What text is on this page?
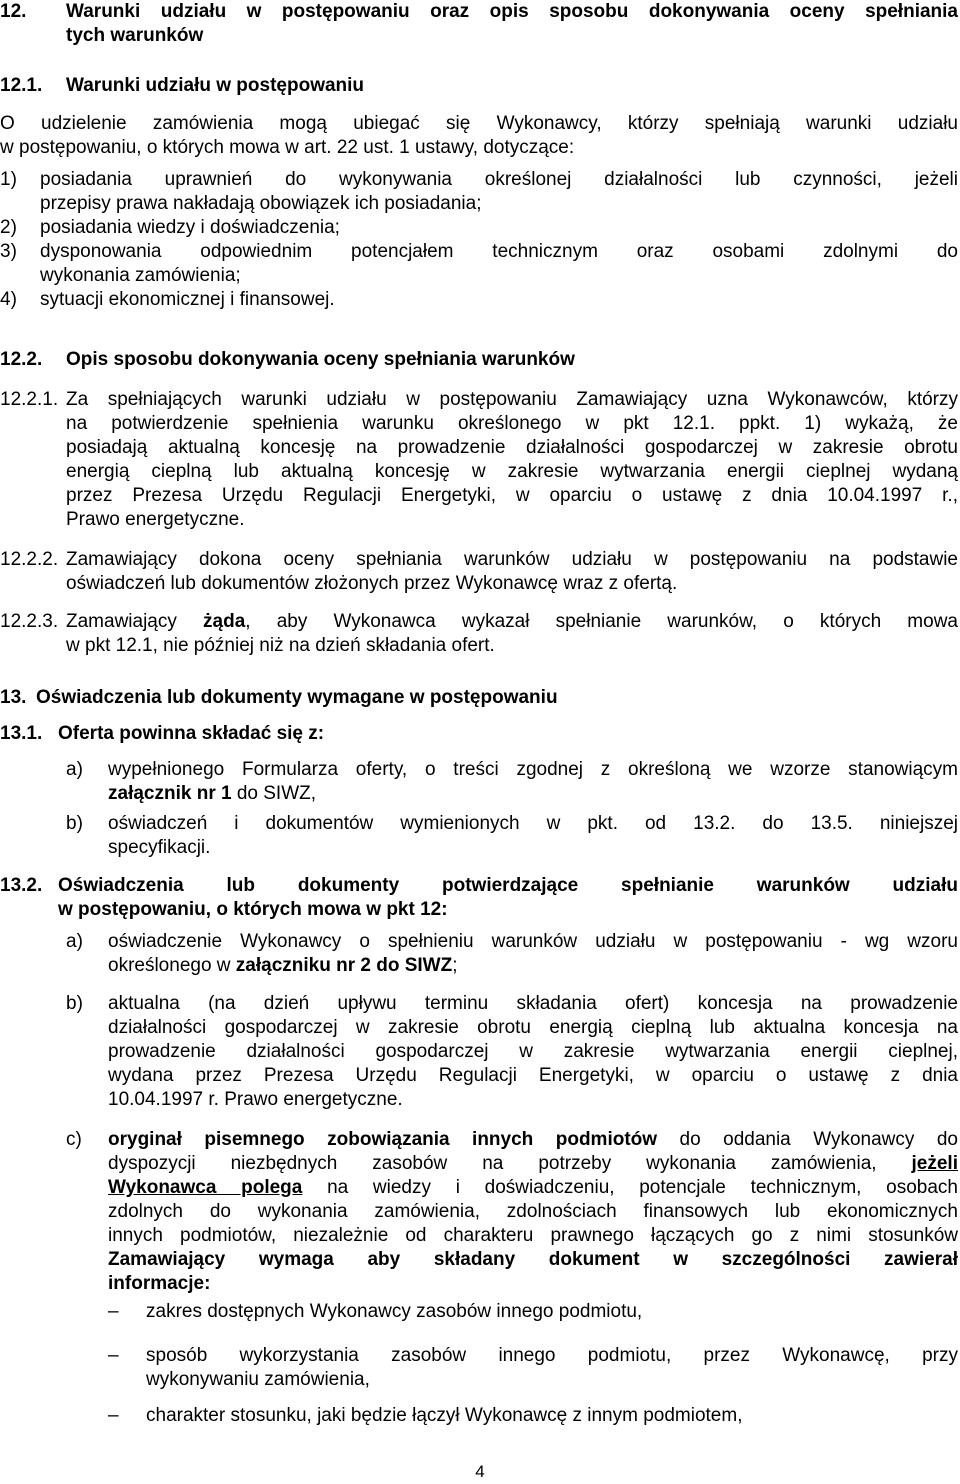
12. Warunki udziału w postępowaniu oraz opis sposobu dokonywania oceny spełniania
tych warunków
12.1. Warunki udziału w postępowaniu
O udzielenie zamówienia mogą ubiegać się Wykonawcy, którzy spełniają warunki udziału
w postępowaniu, o których mowa w art. 22 ust. 1 ustawy, dotyczące:
1) posiadania uprawnień do wykonywania określonej działalności lub czynności, jeżeli
przepisy prawa nakładają obowiązek ich posiadania;
2) posiadania wiedzy i doświadczenia;
3) dysponowania odpowiednim potencjałem technicznym oraz osobami zdolnymi do
wykonania zamówienia;
4) sytuacji ekonomicznej i finansowej.
12.2. Opis sposobu dokonywania oceny spełniania warunków
12.2.1. Za spełniających warunki udziału w postępowaniu Zamawiający uzna Wykonawców, którzy
na potwierdzenie spełnienia warunku określonego w pkt 12.1. ppkt. 1) wykażą, że
posiadają aktualną koncesję na prowadzenie działalności gospodarczej w zakresie obrotu
energią cieplną lub aktualną koncesję w zakresie wytwarzania energii cieplnej wydaną
przez Prezesa Urzędu Regulacji Energetyki, w oparciu o ustawę z dnia 10.04.1997 r.,
Prawo energetyczne.
12.2.2. Zamawiający dokona oceny spełniania warunków udziału w postępowaniu na podstawie
oświadczeń lub dokumentów złożonych przez Wykonawcę wraz z ofertą.
12.2.3. Zamawiający żąda, aby Wykonawca wykazał spełnianie warunków, o których mowa
w pkt 12.1, nie później niż na dzień składania ofert.
13. Oświadczenia lub dokumenty wymagane w postępowaniu
13.1. Oferta powinna składać się z:
a) wypełnionego Formularza oferty, o treści zgodnej z określoną we wzorze stanowiącym
załącznik nr 1 do SIWZ,
b) oświadczeń i dokumentów wymienionych w pkt. od 13.2. do 13.5. niniejszej
specyfikacji.
13.2. Oświadczenia lub dokumenty potwierdzające spełnianie warunków udziału
w postępowaniu, o których mowa w pkt 12:
a) oświadczenie Wykonawcy o spełnieniu warunków udziału w postępowaniu - wg wzoru
określonego w załączniku nr 2 do SIWZ;
b) aktualna (na dzień upływu terminu składania ofert) koncesja na prowadzenie
działalności gospodarczej w zakresie obrotu energią cieplną lub aktualna koncesja na
prowadzenie działalności gospodarczej w zakresie wytwarzania energii cieplnej,
wydana przez Prezesa Urzędu Regulacji Energetyki, w oparciu o ustawę z dnia
10.04.1997 r. Prawo energetyczne.
c) oryginał pisemnego zobowiązania innych podmiotów do oddania Wykonawcy do
dyspozycji niezbędnych zasobów na potrzeby wykonania zamówienia, jeżeli
Wykonawca polega na wiedzy i doświadczeniu, potencjale technicznym, osobach
zdolnych do wykonania zamówienia, zdolnościach finansowych lub ekonomicznych
innych podmiotów, niezależnie od charakteru prawnego łączących go z nimi stosunków
Zamawiający wymaga aby składany dokument w szczególności zawierał
informacje:
– zakres dostępnych Wykonawcy zasobów innego podmiotu,
– sposób wykorzystania zasobów innego podmiotu, przez Wykonawcę, przy
wykonywaniu zamówienia,
– charakter stosunku, jaki będzie łączył Wykonawcę z innym podmiotem,
4
